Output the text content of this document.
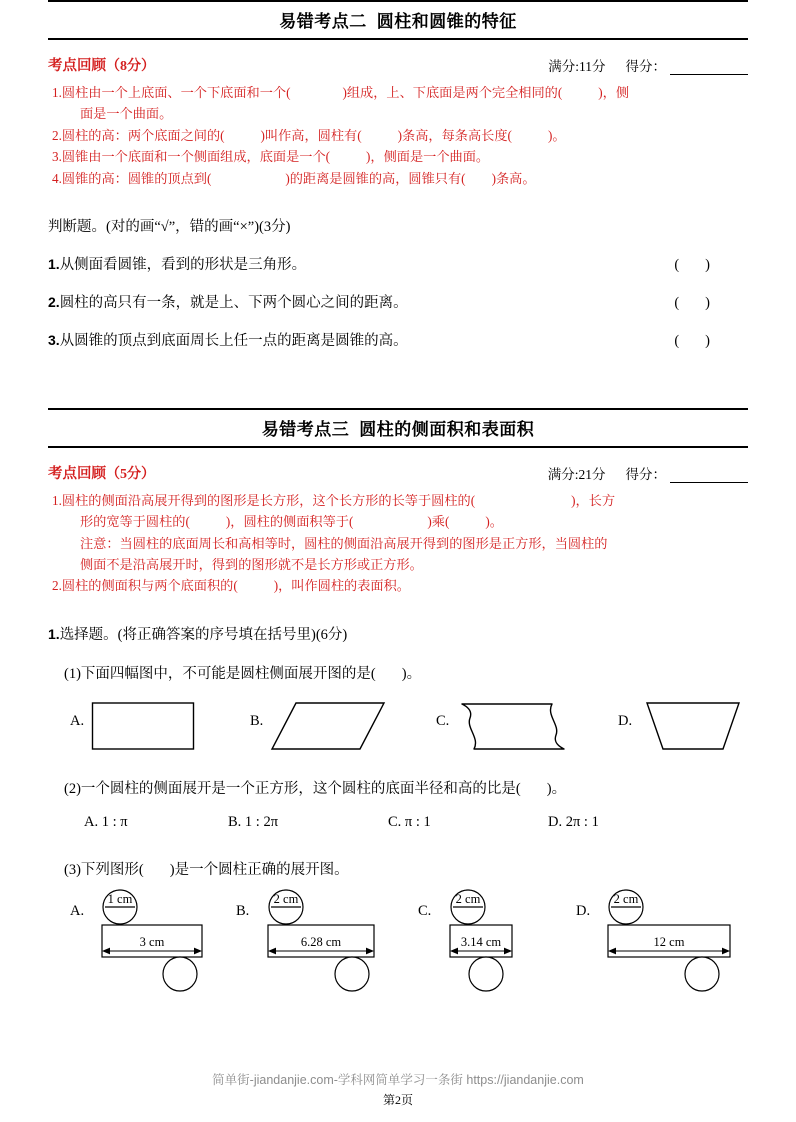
易错考点二 圆柱和圆锥的特征
考点回顾（8分）	满分:11分 得分：
1.圆柱由一个上底面、一个下底面和一个(	)组成，上、下底面是两个完全相同的(	)，侧
面是一个曲面。
2.圆柱的高：两个底面之间的(	)叫作高，圆柱有(	)条高，每条高长度(	)。
3.圆锥由一个底面和一个侧面组成，底面是一个(	)，侧面是一个曲面。
4.圆锥的高：圆锥的顶点到(	)的距离是圆锥的高，圆锥只有( )条高。
判断题。(对的画“√”，错的画“×”)(3分)
1.从侧面看圆锥，看到的形状是三角形。	( )
2.圆柱的高只有一条，就是上、下两个圆心之间的距离。	( )
3.从圆锥的顶点到底面周长上任一点的距离是圆锥的高。	( )
易错考点三 圆柱的侧面积和表面积
考点回顾（5分）	满分:21分 得分：
1.圆柱的侧面沿高展开得到的图形是长方形，这个长方形的长等于圆柱的(	)，长方
形的宽等于圆柱的(	)，圆柱的侧面积等于(	)乘(	)。
注意：当圆柱的底面周长和高相等时，圆柱的侧面沿高展开得到的图形是正方形，当圆柱的
侧面不是沿高展开时，得到的图形就不是长方形或正方形。
2.圆柱的侧面积与两个底面积的(	)，叫作圆柱的表面积。
1.选择题。(将正确答案的序号填在括号里)(6分)
(1)下面四幅图中，不可能是圆柱侧面展开图的是( )。
A.	B.	C.	D.
(2)一个圆柱的侧面展开是一个正方形，这个圆柱的底面半径和高的比是( )。
A. 1 : π	B. 1 : 2π	C. π : 1	D. 2π : 1
(3)下列图形( )是一个圆柱正确的展开图。
A.
1 cm
3 cm
B.
2 cm
6.28 cm
C.
2 cm
3.14 cm
D.
2 cm
12 cm
简单街-jiandanjie.com-学科网简单学习一条街 https://jiandanjie.com
第2页
